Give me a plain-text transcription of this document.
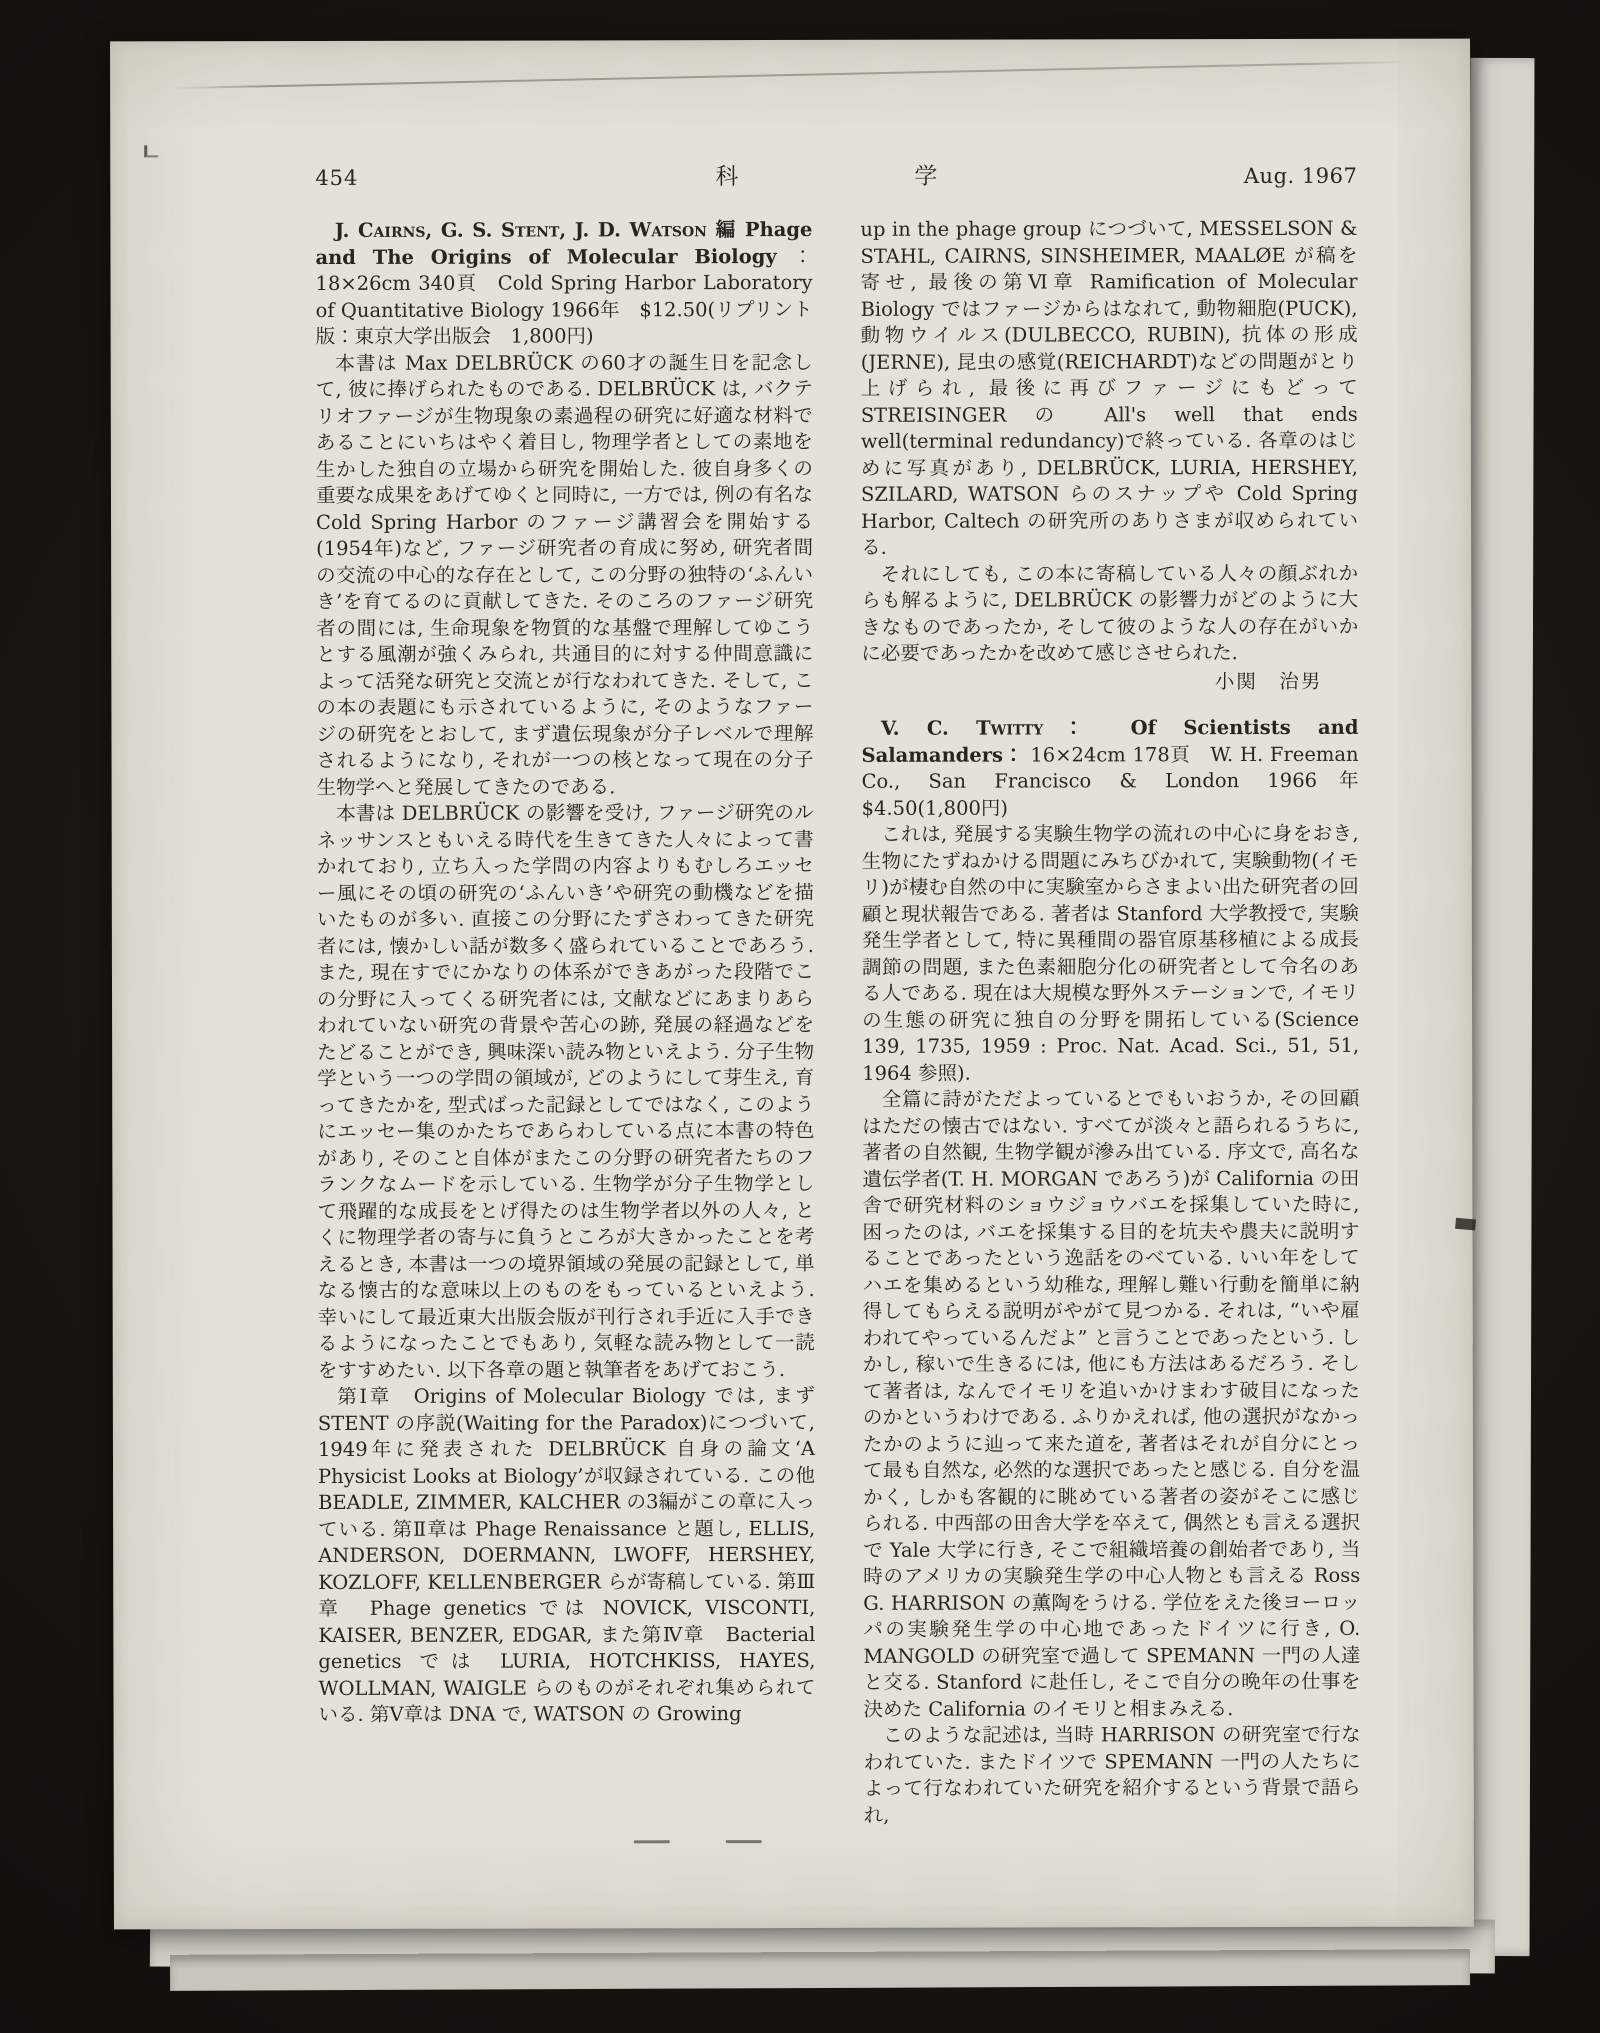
454	科	学	Aug. 1967

J. Cairns, G. S. Stent, J. D. Watson 編 Phage and The Origins of Molecular Biology ：18×26cm 340頁　Cold Spring Harbor Laboratory of Quantitative Biology 1966年　$12.50(リプリント版：東京大学出版会　1,800円)

本書は Max DELBRÜCK の60才の誕生日を記念して, 彼に捧げられたものである. DELBRÜCK は, バクテリオファージが生物現象の素過程の研究に好適な材料であることにいちはやく着目し, 物理学者としての素地を生かした独自の立場から研究を開始した. 彼自身多くの重要な成果をあげてゆくと同時に, 一方では, 例の有名な Cold Spring Harbor のファージ講習会を開始する(1954年)など, ファージ研究者の育成に努め, 研究者間の交流の中心的な存在として, この分野の独特の‘ふんいき’を育てるのに貢献してきた. そのころのファージ研究者の間には, 生命現象を物質的な基盤で理解してゆこうとする風潮が強くみられ, 共通目的に対する仲間意識によって活発な研究と交流とが行なわれてきた. そして, この本の表題にも示されているように, そのようなファージの研究をとおして, まず遺伝現象が分子レベルで理解されるようになり, それが一つの核となって現在の分子生物学へと発展してきたのである.

本書は DELBRÜCK の影響を受け, ファージ研究のルネッサンスともいえる時代を生きてきた人々によって書かれており, 立ち入った学問の内容よりもむしろエッセー風にその頃の研究の‘ふんいき’や研究の動機などを描いたものが多い. 直接この分野にたずさわってきた研究者には, 懐かしい話が数多く盛られていることであろう. また, 現在すでにかなりの体系ができあがった段階でこの分野に入ってくる研究者には, 文献などにあまりあらわれていない研究の背景や苦心の跡, 発展の経過などをたどることができ, 興味深い読み物といえよう. 分子生物学という一つの学問の領域が, どのようにして芽生え, 育ってきたかを, 型式ばった記録としてではなく, このようにエッセー集のかたちであらわしている点に本書の特色があり, そのこと自体がまたこの分野の研究者たちのフランクなムードを示している. 生物学が分子生物学として飛躍的な成長をとげ得たのは生物学者以外の人々, とくに物理学者の寄与に負うところが大きかったことを考えるとき, 本書は一つの境界領域の発展の記録として, 単なる懐古的な意味以上のものをもっているといえよう. 幸いにして最近東大出版会版が刊行され手近に入手できるようになったことでもあり, 気軽な読み物として一読をすすめたい. 以下各章の題と執筆者をあげておこう.

第Ⅰ章　Origins of Molecular Biology では, まず STENT の序説(Waiting for the Paradox)につづいて, 1949年に発表された DELBRÜCK 自身の論文‘A Physicist Looks at Biology’が収録されている. この他 BEADLE, ZIMMER, KALCHER の3編がこの章に入っている. 第Ⅱ章は Phage Renaissance と題し, ELLIS, ANDERSON, DOERMANN, LWOFF, HERSHEY, KOZLOFF, KELLENBERGER らが寄稿している. 第Ⅲ章　Phage genetics では NOVICK, VISCONTI, KAISER, BENZER, EDGAR, また第Ⅳ章　Bacterial genetics では LURIA, HOTCHKISS, HAYES, WOLLMAN, WAIGLE らのものがそれぞれ集められている. 第Ⅴ章は DNA で, WATSON の Growing

up in the phage group につづいて, MESSELSON & STAHL, CAIRNS, SINSHEIMER, MAALØE が稿を寄せ, 最後の第Ⅵ章 Ramification of Molecular Biology ではファージからはなれて, 動物細胞(PUCK), 動物ウイルス(DULBECCO, RUBIN), 抗体の形成(JERNE), 昆虫の感覚(REICHARDT)などの問題がとり上げられ, 最後に再びファージにもどって STREISINGER の All's well that ends well(terminal redundancy)で終っている. 各章のはじめに写真があり, DELBRÜCK, LURIA, HERSHEY, SZILARD, WATSON らのスナップや Cold Spring Harbor, Caltech の研究所のありさまが収められている.

それにしても, この本に寄稿している人々の顔ぶれからも解るように, DELBRÜCK の影響力がどのように大きなものであったか, そして彼のような人の存在がいかに必要であったかを改めて感じさせられた.

小関　治男

V. C. Twitty： Of Scientists and Salamanders： 16×24cm 178頁　W. H. Freeman Co., San Francisco & London 1966年　$4.50(1,800円)

これは, 発展する実験生物学の流れの中心に身をおき, 生物にたずねかける問題にみちびかれて, 実験動物(イモリ)が棲む自然の中に実験室からさまよい出た研究者の回顧と現状報告である. 著者は Stanford 大学教授で, 実験発生学者として, 特に異種間の器官原基移植による成長調節の問題, また色素細胞分化の研究者として令名のある人である. 現在は大規模な野外ステーションで, イモリの生態の研究に独自の分野を開拓している(Science 139, 1735, 1959 : Proc. Nat. Acad. Sci., 51, 51, 1964 参照).

全篇に詩がただよっているとでもいおうか, その回顧はただの懐古ではない. すべてが淡々と語られるうちに, 著者の自然観, 生物学観が滲み出ている. 序文で, 高名な遺伝学者(T. H. MORGAN であろう)が California の田舎で研究材料のショウジョウバエを採集していた時に, 困ったのは, バエを採集する目的を坑夫や農夫に説明することであったという逸話をのべている. いい年をしてハエを集めるという幼稚な, 理解し難い行動を簡単に納得してもらえる説明がやがて見つかる. それは, “いや雇われてやっているんだよ” と言うことであったという. しかし, 稼いで生きるには, 他にも方法はあるだろう. そして著者は, なんでイモリを追いかけまわす破目になったのかというわけである. ふりかえれば, 他の選択がなかったかのように辿って来た道を, 著者はそれが自分にとって最も自然な, 必然的な選択であったと感じる. 自分を温かく, しかも客観的に眺めている著者の姿がそこに感じられる. 中西部の田舎大学を卒えて, 偶然とも言える選択で Yale 大学に行き, そこで組織培養の創始者であり, 当時のアメリカの実験発生学の中心人物とも言える Ross G. HARRISON の薫陶をうける. 学位をえた後ヨーロッパの実験発生学の中心地であったドイツに行き, O. MANGOLD の研究室で過して SPEMANN 一門の人達と交る. Stanford に赴任し, そこで自分の晩年の仕事を決めた California のイモリと相まみえる.

このような記述は, 当時 HARRISON の研究室で行なわれていた. またドイツで SPEMANN 一門の人たちによって行なわれていた研究を紹介するという背景で語られ,
